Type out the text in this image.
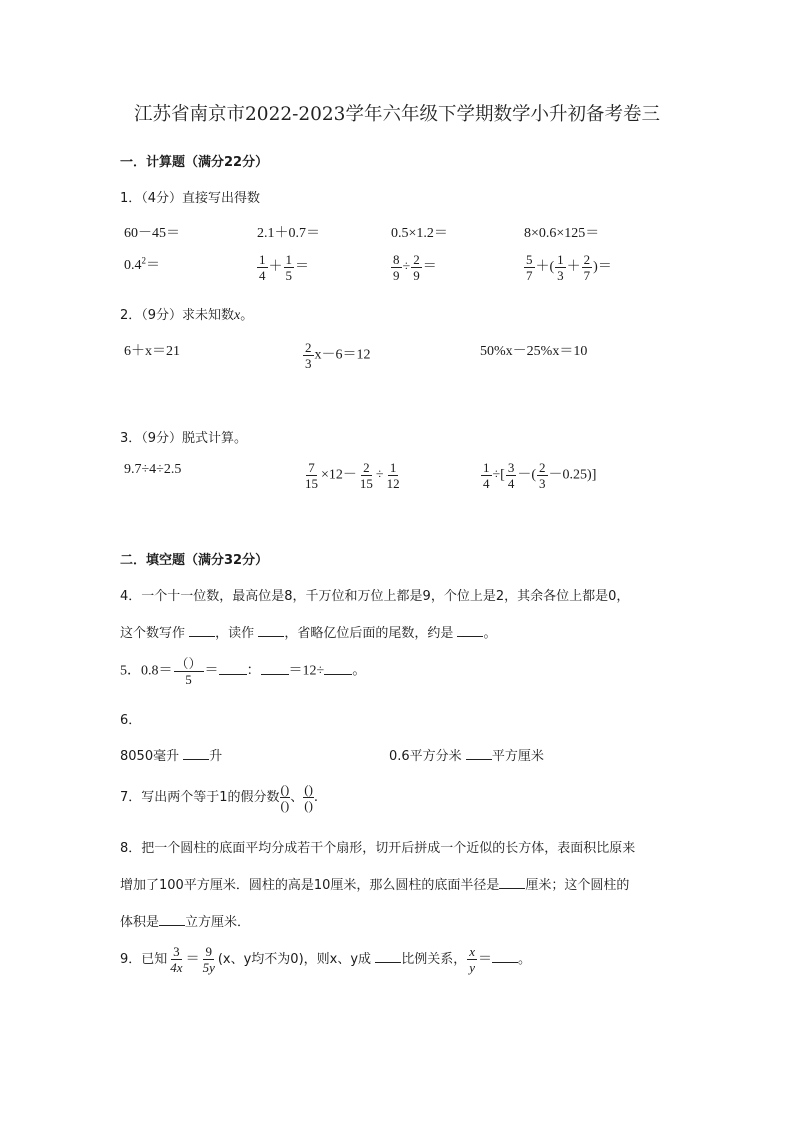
江苏省南京市2022-2023学年六年级下学期数学小升初备考卷三
一．计算题（满分22分）
1．（4分）直接写出得数
60－45＝	2.1＋0.7＝	0.5×1.2＝	8×0.6×125＝
$0.4^2=$	$\frac{1}{4} + \frac{1}{5}$ ＝	$\frac{8}{9} \div \frac{2}{9}$ ＝	$\frac{5}{7}$ ＋( $\frac{1}{3} + \frac{2}{7}$ )＝
2．（9分）求未知数x。
6＋x＝21	$\frac{2}{3} x-6=12$	50%x－25%x＝10
3．（9分）脱式计算。
9.7÷4÷2.5	$\frac{7}{15} \times 12- \frac{2}{15} \div \frac{1}{12}$	$\frac{1}{4}$ ÷[ $\frac{3}{4}$ －( $\frac{2}{3} -0.25$)]
二．填空题（满分32分）
4．一个十一位数，最高位是8，千万位和万位上都是9，个位上是2，其余各位上都是0，
这个数写作 ，读作 ，省略亿位后面的尾数，约是 。
5．$0.8= \frac{()}{5}$ ＝ ： ＝12÷ 。
6．
8050毫升 升	0.6平方分米 平方厘米
7．写出两个等于1的假分数
()
()
、
()
()
.
8．把一个圆柱的底面平均分成若干个扇形，切开后拼成一个近似的长方体，表面积比原来
增加了100平方厘米．圆柱的高是10厘米，那么圆柱的底面半径是 厘米；这个圆柱的
体积是 立方厘米．
9．已知 $\frac{3}{4x} = \frac{9}{5y} (x$、y均不为0)，则x、y成 比例关系， $\frac{x}{y}$ ＝ 。
